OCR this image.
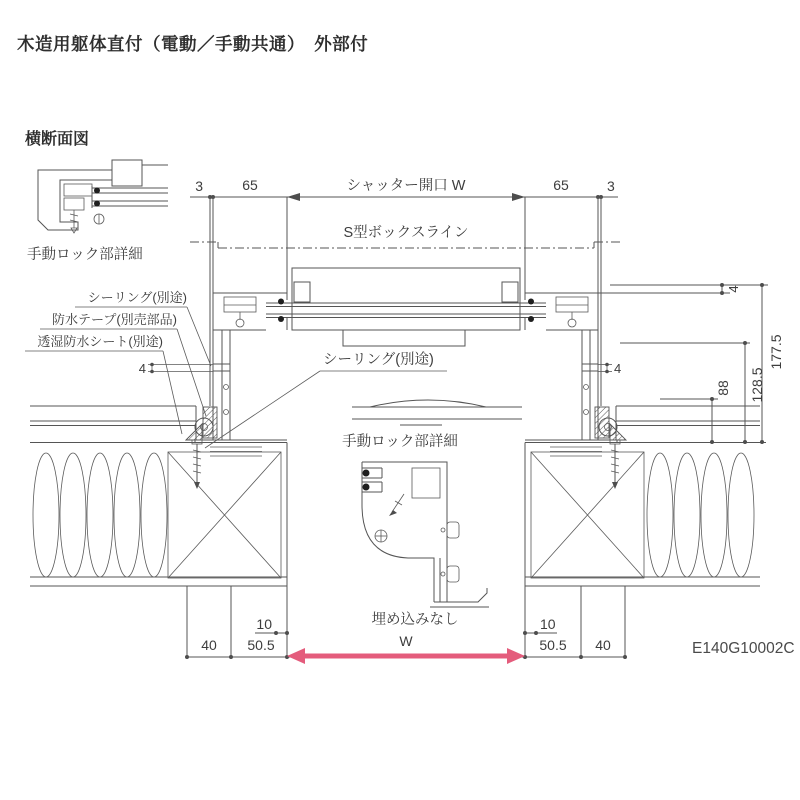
木造用躯体直付（電動／手動共通）　外部付
横断面図
手動ロック部詳細
3	65	シャッター開口 W	65	3
S型ボックスライン
シーリング(別途)
防水テープ(別売部品)
透湿防水シート(別途)
シーリング(別途)
手動ロック部詳細
埋め込みなし
4
177.5
128.5
88
4	4
10	10
40 50.5	50.5 40
W	E140G10002C
